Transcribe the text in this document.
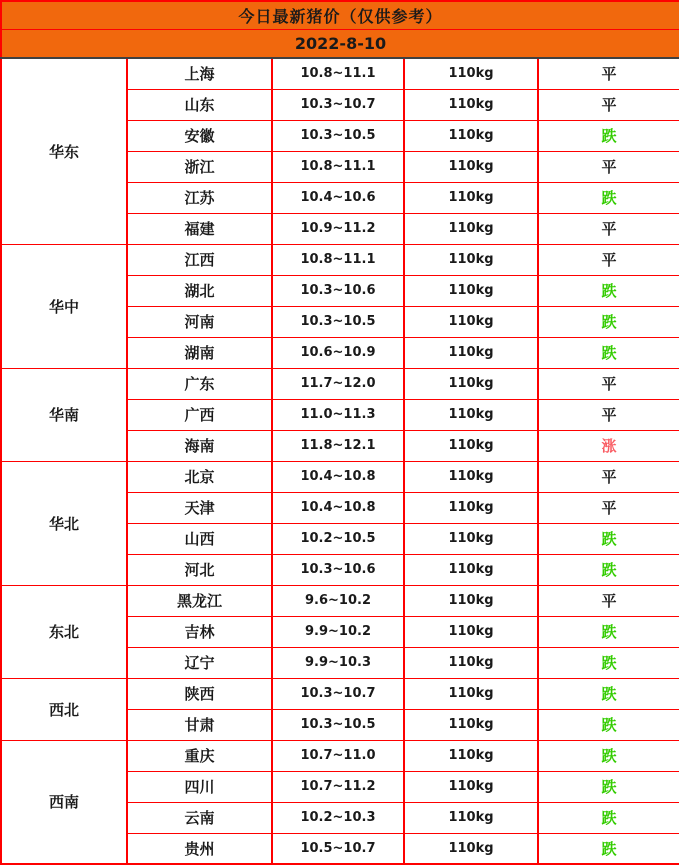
今日最新猪价（仅供参考）				
2022-8-10				
华东	上海	10.8~11.1	110kg	平
	山东	10.3~10.7	110kg	平
	安徽	10.3~10.5	110kg	跌
	浙江	10.8~11.1	110kg	平
	江苏	10.4~10.6	110kg	跌
	福建	10.9~11.2	110kg	平
华中	江西	10.8~11.1	110kg	平
	湖北	10.3~10.6	110kg	跌
	河南	10.3~10.5	110kg	跌
	湖南	10.6~10.9	110kg	跌
华南	广东	11.7~12.0	110kg	平
	广西	11.0~11.3	110kg	平
	海南	11.8~12.1	110kg	涨
华北	北京	10.4~10.8	110kg	平
	天津	10.4~10.8	110kg	平
	山西	10.2~10.5	110kg	跌
	河北	10.3~10.6	110kg	跌
东北	黑龙江	9.6~10.2	110kg	平
	吉林	9.9~10.2	110kg	跌
	辽宁	9.9~10.3	110kg	跌
西北	陕西	10.3~10.7	110kg	跌
	甘肃	10.3~10.5	110kg	跌
西南	重庆	10.7~11.0	110kg	跌
	四川	10.7~11.2	110kg	跌
	云南	10.2~10.3	110kg	跌
	贵州	10.5~10.7	110kg	跌
